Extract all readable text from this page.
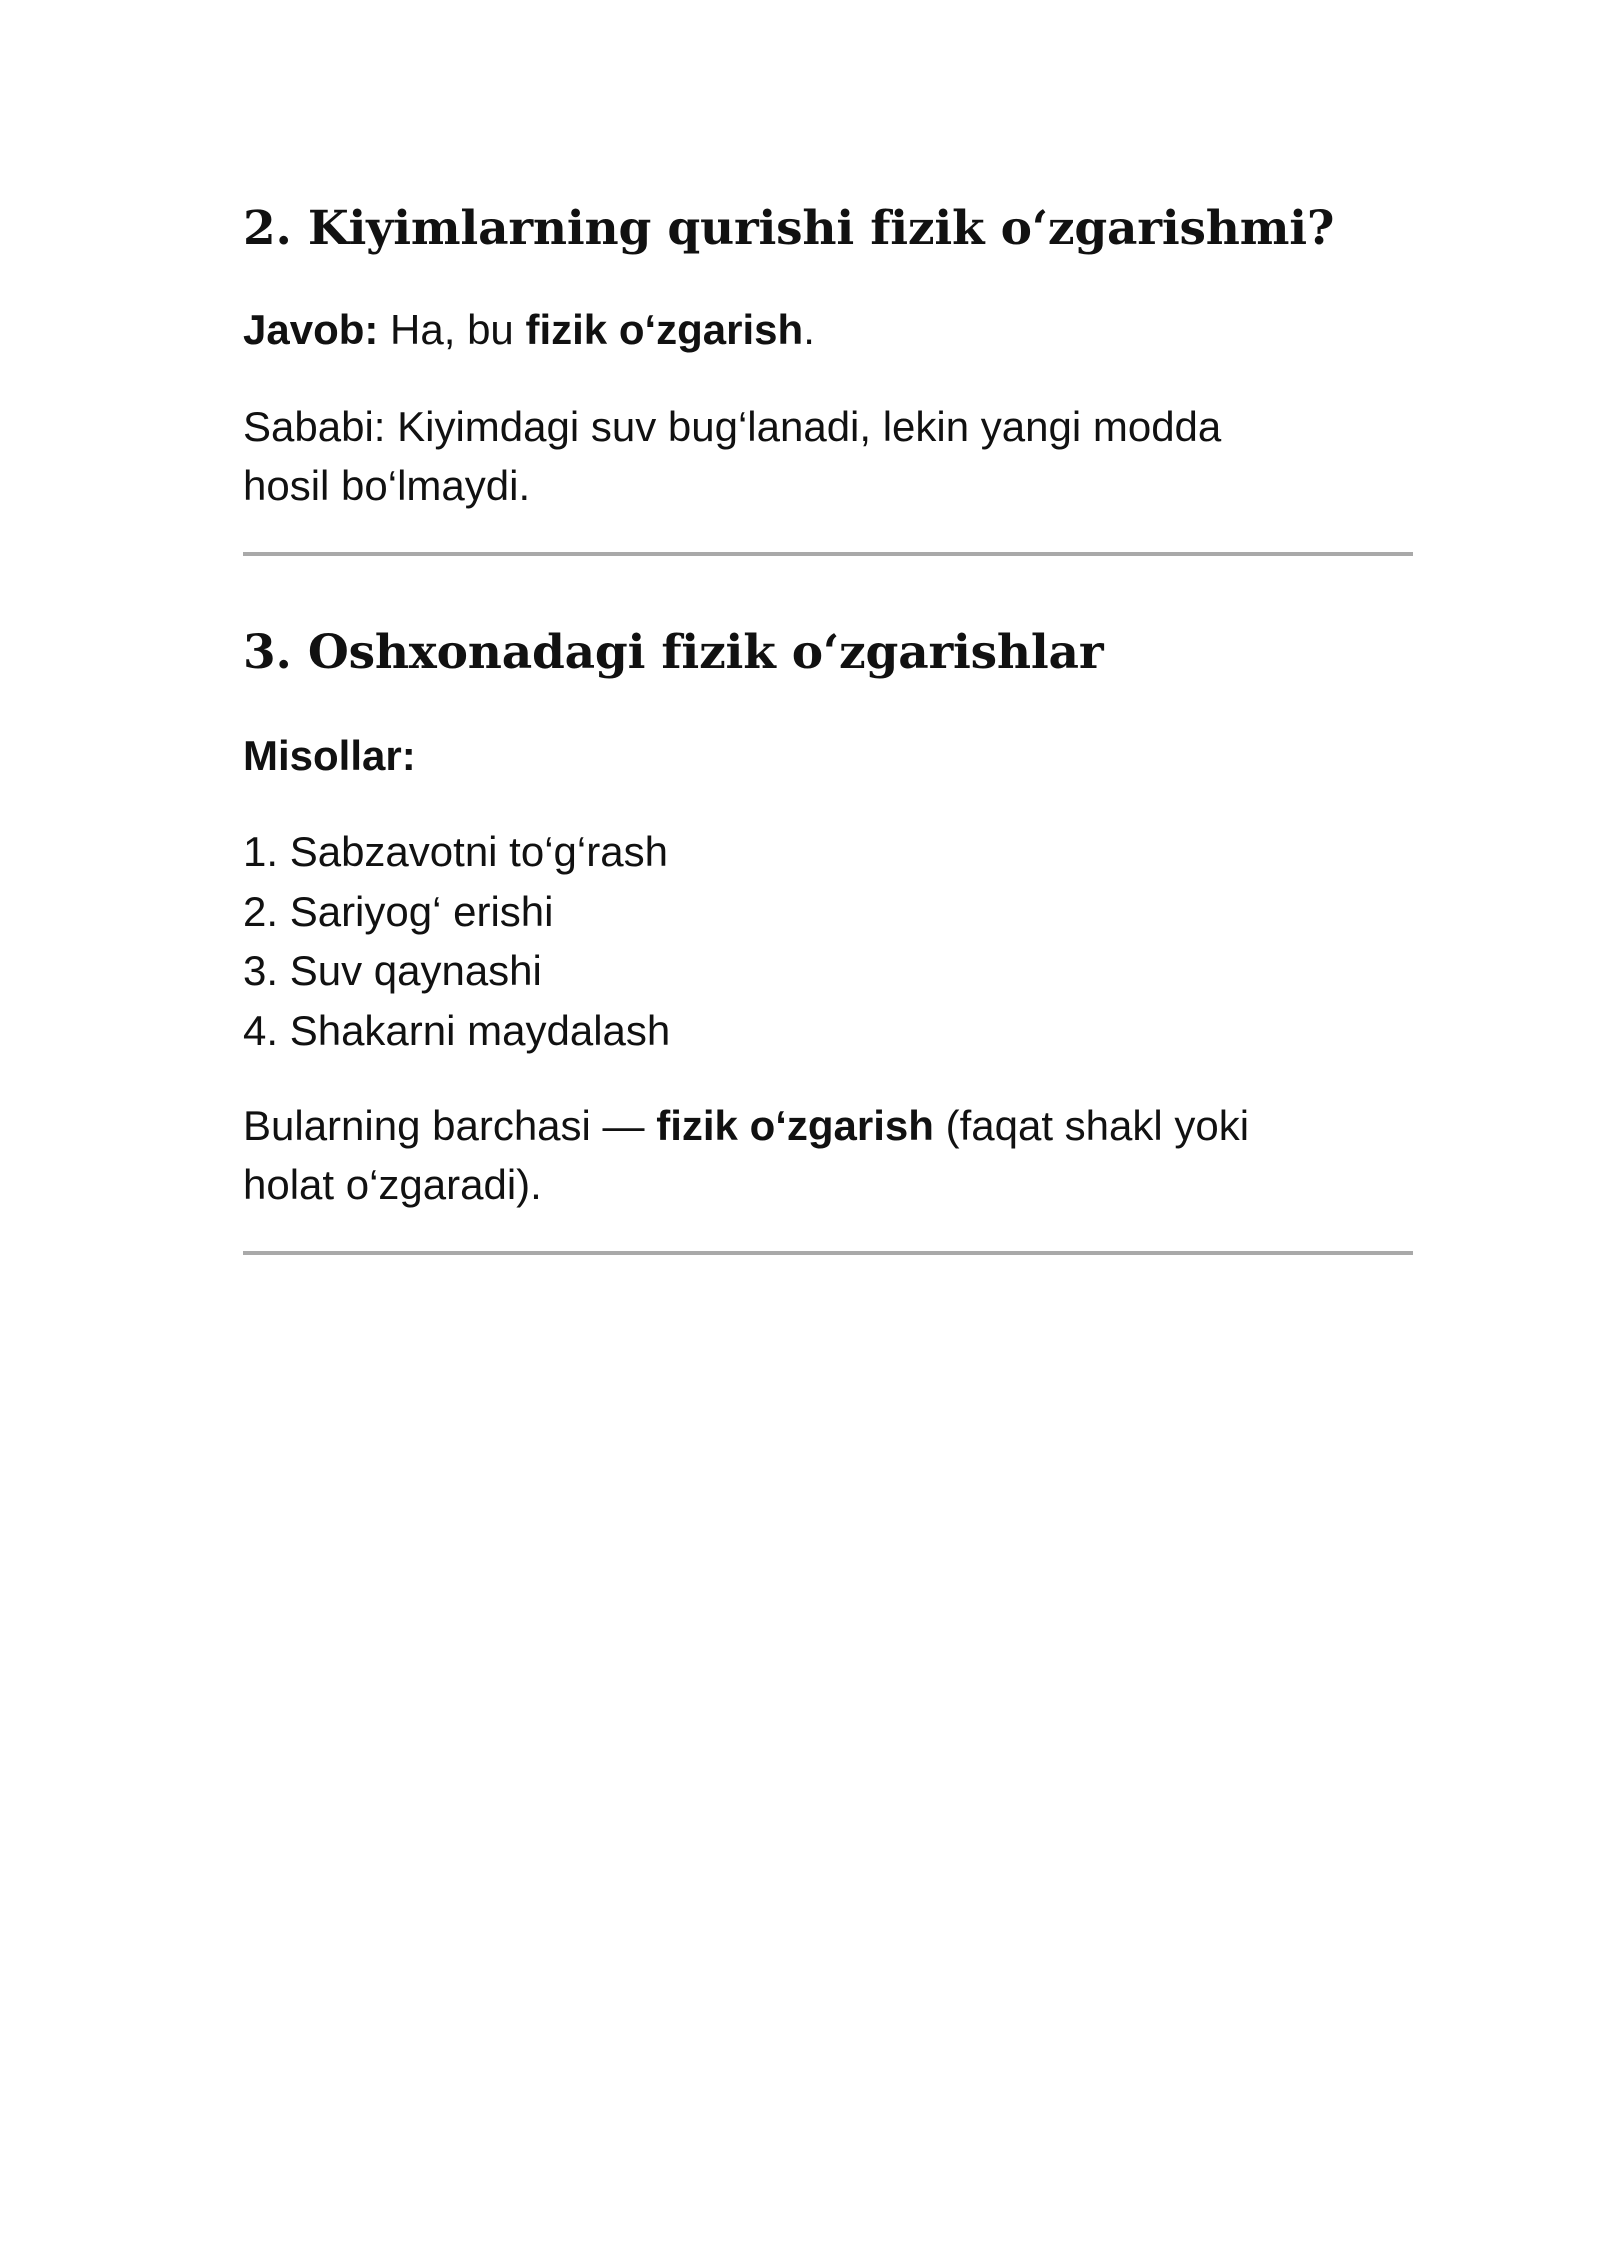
2. Kiyimlarning qurishi fizik o‘zgarishmi?

Javob: Ha, bu fizik o‘zgarish.

Sababi: Kiyimdagi suv bug‘lanadi, lekin yangi modda
hosil bo‘lmaydi.

3. Oshxonadagi fizik o‘zgarishlar

Misollar:

1. Sabzavotni to‘g‘rash

2. Sariyog‘ erishi

3. Suv qaynashi

4. Shakarni maydalash

Bularning barchasi — fizik o‘zgarish (faqat shakl yoki
holat o‘zgaradi).
